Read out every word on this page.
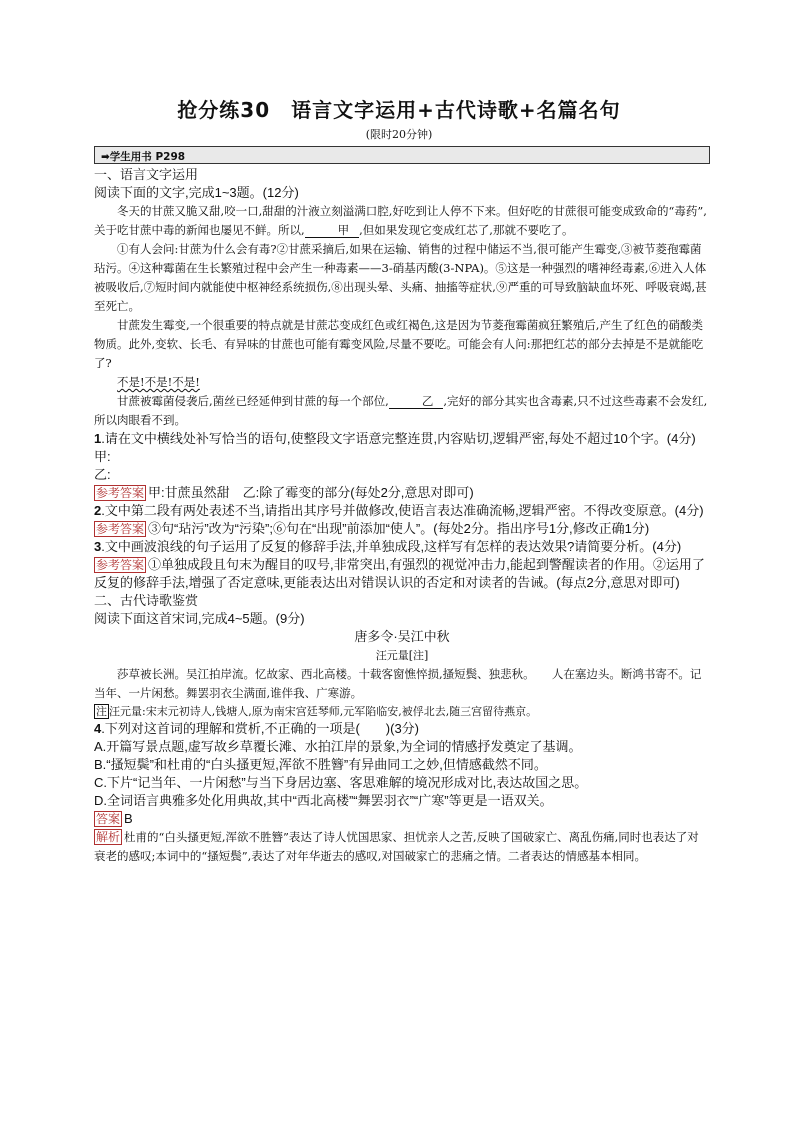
抢分练30　语言文字运用+古代诗歌+名篇名句
(限时20分钟)
➡学生用书 P298

一、语言文字运用

阅读下面的文字,完成1~3题。(12分)

冬天的甘蔗又脆又甜,咬一口,甜甜的汁液立刻溢满口腔,好吃到让人停不下来。但好吃的甘蔗很可能变成致命的“毒药”,关于吃甘蔗中毒的新闻也屡见不鲜。所以,	甲 ,但如果发现它变成红芯了,那就不要吃了。

①有人会问:甘蔗为什么会有毒?②甘蔗采摘后,如果在运输、销售的过程中储运不当,很可能产生霉变,③被节菱孢霉菌玷污。④这种霉菌在生长繁殖过程中会产生一种毒素——3-硝基丙酸(3-NPA)。⑤这是一种强烈的嗜神经毒素,⑥进入人体被吸收后,⑦短时间内就能使中枢神经系统损伤,⑧出现头晕、头痛、抽搐等症状,⑨严重的可导致脑缺血坏死、呼吸衰竭,甚至死亡。

甘蔗发生霉变,一个很重要的特点就是甘蔗芯变成红色或红褐色,这是因为节菱孢霉菌疯狂繁殖后,产生了红色的硝酸类物质。此外,变软、长毛、有异味的甘蔗也可能有霉变风险,尽量不要吃。可能会有人问:那把红芯的部分去掉是不是就能吃了?

不是!不是!不是!

甘蔗被霉菌侵袭后,菌丝已经延伸到甘蔗的每一个部位,	乙 ,完好的部分其实也含毒素,只不过这些毒素不会发红,所以肉眼看不到。

1.请在文中横线处补写恰当的语句,使整段文字语意完整连贯,内容贴切,逻辑严密,每处不超过10个字。(4分)

甲:

乙:

参考答案 甲:甘蔗虽然甜　乙:除了霉变的部分(每处2分,意思对即可)

2.文中第二段有两处表述不当,请指出其序号并做修改,使语言表达准确流畅,逻辑严密。不得改变原意。(4分)

参考答案 ③句“玷污”改为“污染”;⑥句在“出现”前添加“使人”。(每处2分。指出序号1分,修改正确1分)

3.文中画波浪线的句子运用了反复的修辞手法,并单独成段,这样写有怎样的表达效果?请简要分析。(4分)

参考答案 ①单独成段且句末为醒目的叹号,非常突出,有强烈的视觉冲击力,能起到警醒读者的作用。②运用了反复的修辞手法,增强了否定意味,更能表达出对错误认识的否定和对读者的告诫。(每点2分,意思对即可)

二、古代诗歌鉴赏

阅读下面这首宋词,完成4~5题。(9分)

唐多令·吴江中秋

汪元量[注]

莎草被长洲。吴江拍岸流。忆故家、西北高楼。十载客窗憔悴损,搔短鬓、独悲秋。　　人在塞边头。断鸿书寄不。记当年、一片闲愁。舞罢羽衣尘满面,谁伴我、广寒游。

注 汪元量:宋末元初诗人,钱塘人,原为南宋宫廷琴师,元军陷临安,被俘北去,随三宫留待燕京。

4.下列对这首词的理解和赏析,不正确的一项是(　　)(3分)

A.开篇写景点题,虚写故乡草覆长滩、水拍江岸的景象,为全词的情感抒发奠定了基调。

B.“搔短鬓”和杜甫的“白头搔更短,浑欲不胜簪”有异曲同工之妙,但情感截然不同。

C.下片“记当年、一片闲愁”与当下身居边塞、客思难解的境况形成对比,表达故国之思。

D.全词语言典雅多处化用典故,其中“西北高楼”“舞罢羽衣”“广寒”等更是一语双关。

答案 B

解析 杜甫的“白头搔更短,浑欲不胜簪”表达了诗人忧国思家、担忧亲人之苦,反映了国破家亡、离乱伤痛,同时也表达了对衰老的感叹;本词中的“搔短鬓”,表达了对年华逝去的感叹,对国破家亡的悲痛之情。二者表达的情感基本相同。
